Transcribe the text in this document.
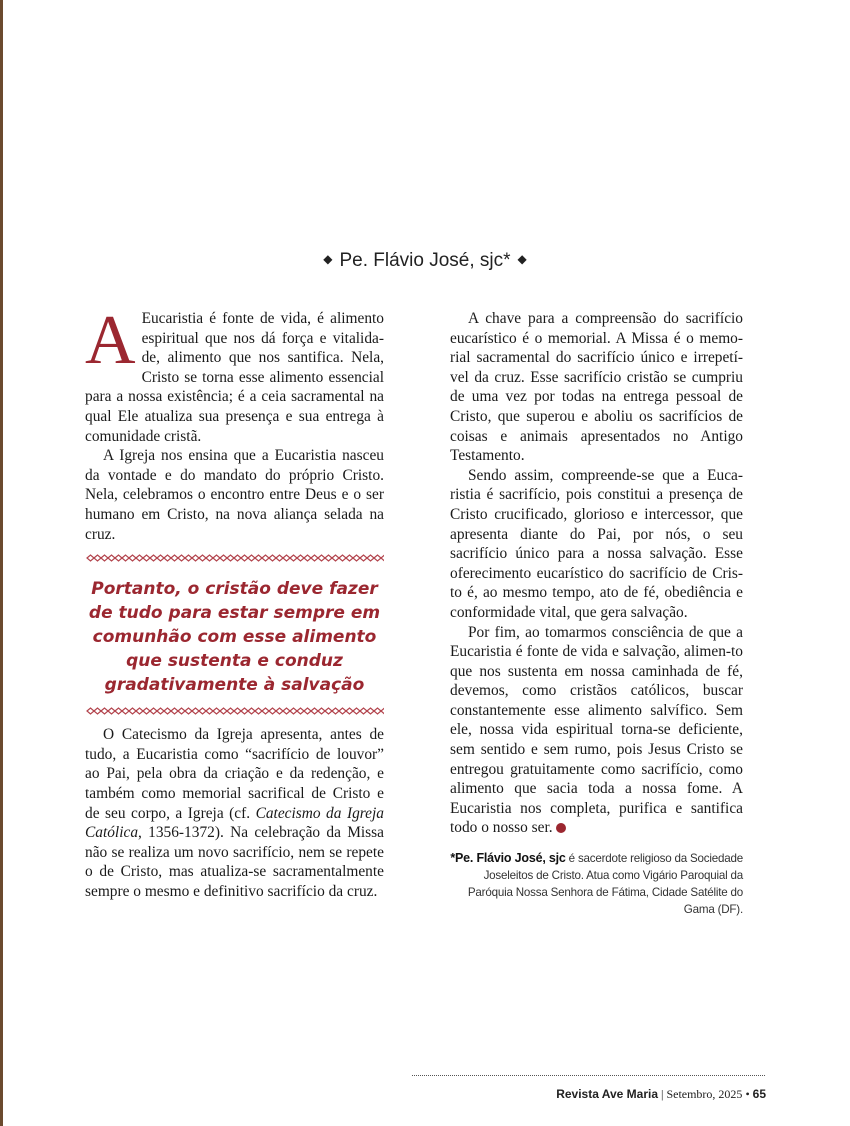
◆ Pe. Flávio José, sjc* ◆

A Eucaristia é fonte de vida, é alimento espiritual que nos dá força e vitalida-de, alimento que nos santifica. Nela, Cristo se torna esse alimento essencial para a nossa existência; é a ceia sacramental na qual Ele atualiza sua presença e sua entrega à comunidade cristã.

A Igreja nos ensina que a Eucaristia nasceu da vontade e do mandato do próprio Cristo. Nela, celebramos o encontro entre Deus e o ser humano em Cristo, na nova aliança selada na cruz.

Portanto, o cristão deve fazer de tudo para estar sempre em comunhão com esse alimento que sustenta e conduz gradativamente à salvação

O Catecismo da Igreja apresenta, antes de tudo, a Eucaristia como “sacrifício de louvor” ao Pai, pela obra da criação e da redenção, e também como memorial sacrifical de Cristo e de seu corpo, a Igreja (cf. Catecismo da Igreja Católica, 1356-1372). Na celebração da Missa não se realiza um novo sacrifício, nem se repete o de Cristo, mas atualiza-se sacramentalmente sempre o mesmo e definitivo sacrifício da cruz.

A chave para a compreensão do sacrifício eucarístico é o memorial. A Missa é o memo-rial sacramental do sacrifício único e irrepetí-vel da cruz. Esse sacrifício cristão se cumpriu de uma vez por todas na entrega pessoal de Cristo, que superou e aboliu os sacrifícios de coisas e animais apresentados no Antigo Testamento.

Sendo assim, compreende-se que a Euca-ristia é sacrifício, pois constitui a presença de Cristo crucificado, glorioso e intercessor, que apresenta diante do Pai, por nós, o seu sacrifício único para a nossa salvação. Esse oferecimento eucarístico do sacrifício de Cris-to é, ao mesmo tempo, ato de fé, obediência e conformidade vital, que gera salvação.

Por fim, ao tomarmos consciência de que a Eucaristia é fonte de vida e salvação, alimen-to que nos sustenta em nossa caminhada de fé, devemos, como cristãos católicos, buscar constantemente esse alimento salvífico. Sem ele, nossa vida espiritual torna-se deficiente, sem sentido e sem rumo, pois Jesus Cristo se entregou gratuitamente como sacrifício, como alimento que sacia toda a nossa fome. A Eucaristia nos completa, purifica e santifica todo o nosso ser.

*Pe. Flávio José, sjc é sacerdote religioso da Sociedade Joseleitos de Cristo. Atua como Vigário Paroquial da Paróquia Nossa Senhora de Fátima, Cidade Satélite do Gama (DF).
Revista Ave Maria | Setembro, 2025 • 65
